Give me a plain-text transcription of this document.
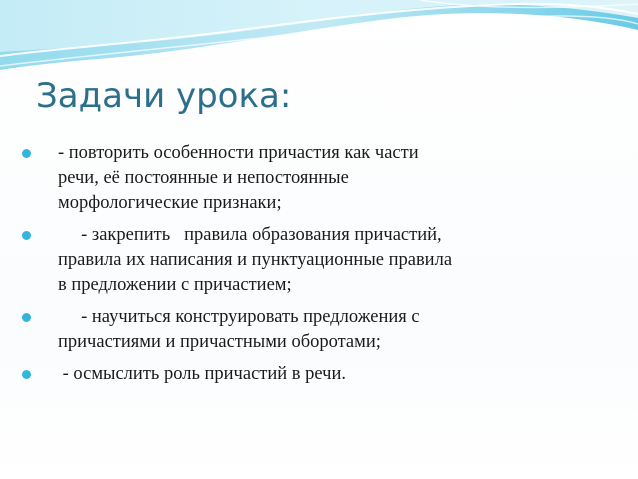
Задачи урока:
- повторить особенности причастия как части
речи, её постоянные и непостоянные
морфологические признаки;
- закрепить   правила образования причастий,
правила их написания и пунктуационные правила
в предложении с причастием;
- научиться конструировать предложения с
причастиями и причастными оборотами;
- осмыслить роль причастий в речи.
